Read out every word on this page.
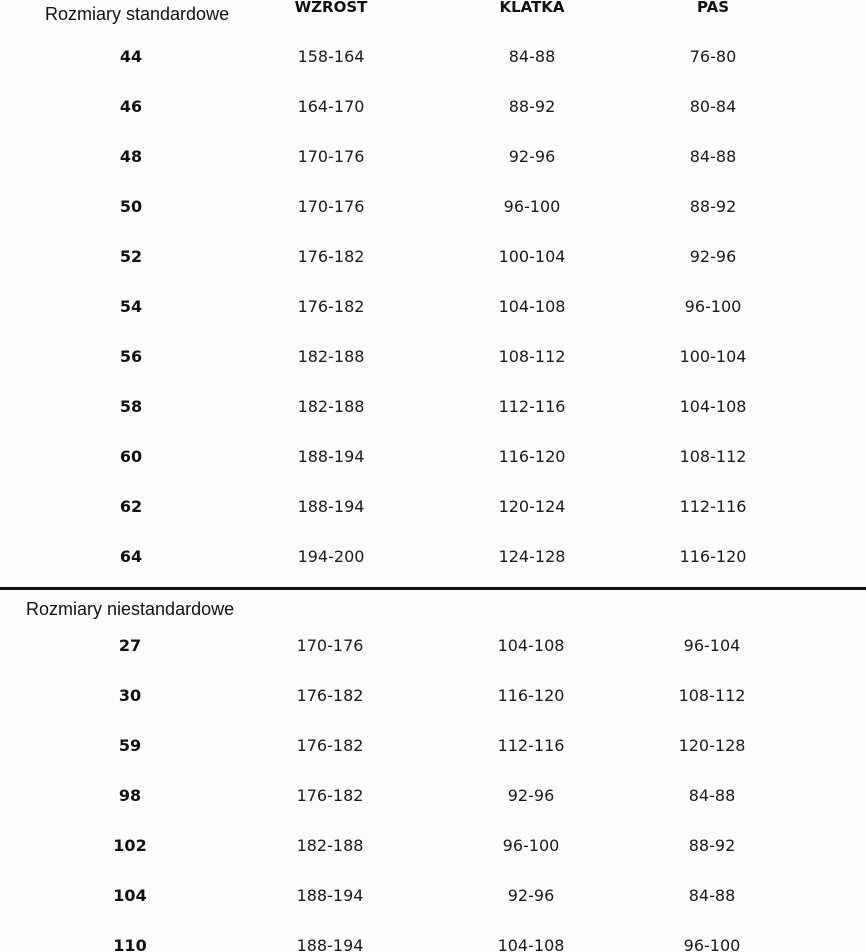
Rozmiary standardowe	WZROST	KLATKA	PAS
44	158-164	84-88	76-80
46	164-170	88-92	80-84
48	170-176	92-96	84-88
50	170-176	96-100	88-92
52	176-182	100-104	92-96
54	176-182	104-108	96-100
56	182-188	108-112	100-104
58	182-188	112-116	104-108
60	188-194	116-120	108-112
62	188-194	120-124	112-116
64	194-200	124-128	116-120
Rozmiary niestandardowe
27	170-176	104-108	96-104
30	176-182	116-120	108-112
59	176-182	112-116	120-128
98	176-182	92-96	84-88
102	182-188	96-100	88-92
104	188-194	92-96	84-88
110	188-194	104-108	96-100
